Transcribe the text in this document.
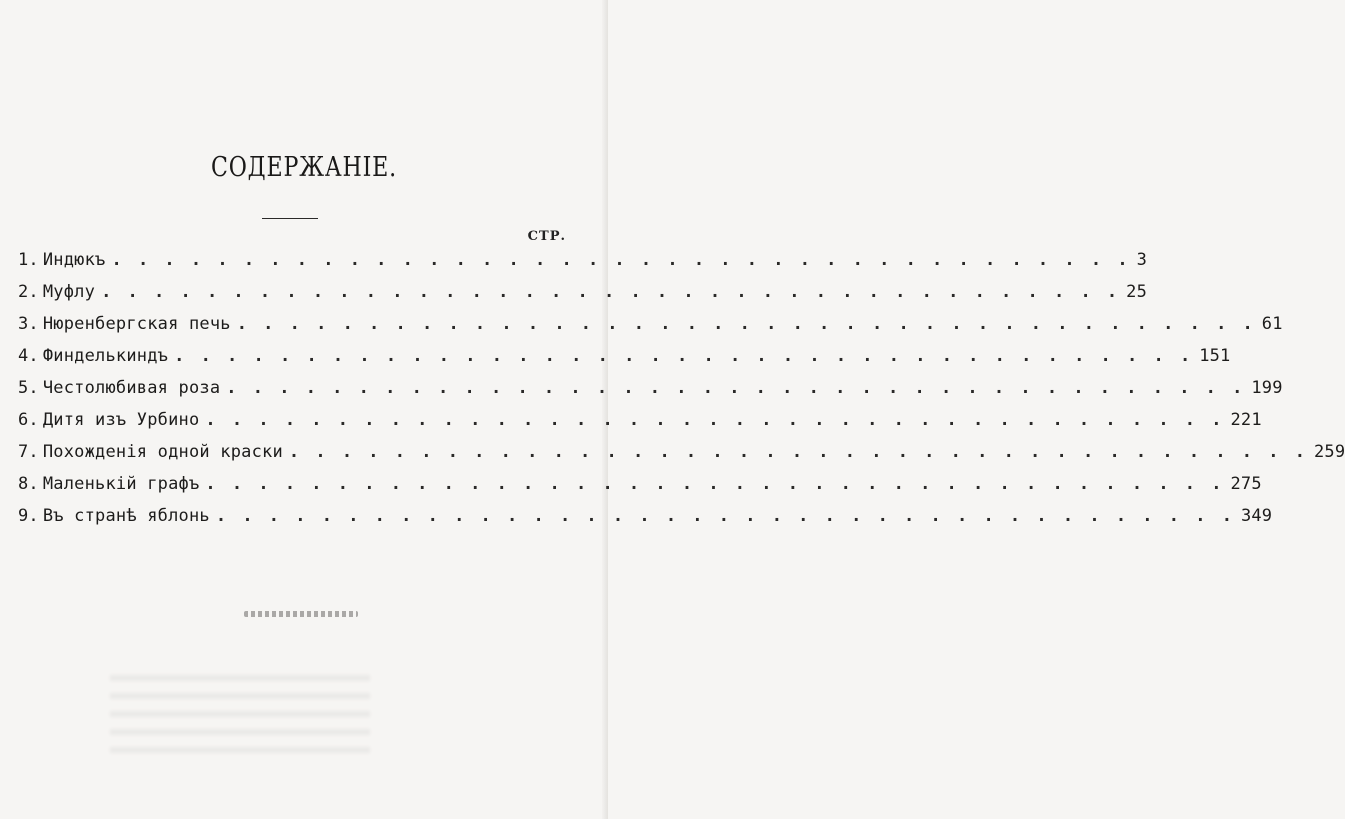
СОДЕРЖАНІЕ.
СТР.
1. Индюкъ . . . . . . . . . . . . . . . . . . . . . . . . . . . . . . . . . . . . . . . 3
2. Муфлу . . . . . . . . . . . . . . . . . . . . . . . . . . . . . . . . . . . . . . . 25
3. Нюренбергская печь . . . . . . . . . . . . . . . . . . . . . . . . . . . . . . . . . . . . . . . 61
4. Финделькиндъ . . . . . . . . . . . . . . . . . . . . . . . . . . . . . . . . . . . . . . . 151
5. Честолюбивая роза . . . . . . . . . . . . . . . . . . . . . . . . . . . . . . . . . . . . . . . 199
6. Дитя изъ Урбино . . . . . . . . . . . . . . . . . . . . . . . . . . . . . . . . . . . . . . . 221
7. Похожденія одной краски . . . . . . . . . . . . . . . . . . . . . . . . . . . . . . . . . . . . . . . 259
8. Маленькій графъ . . . . . . . . . . . . . . . . . . . . . . . . . . . . . . . . . . . . . . . 275
9. Въ странѣ яблонь . . . . . . . . . . . . . . . . . . . . . . . . . . . . . . . . . . . . . . . 349
